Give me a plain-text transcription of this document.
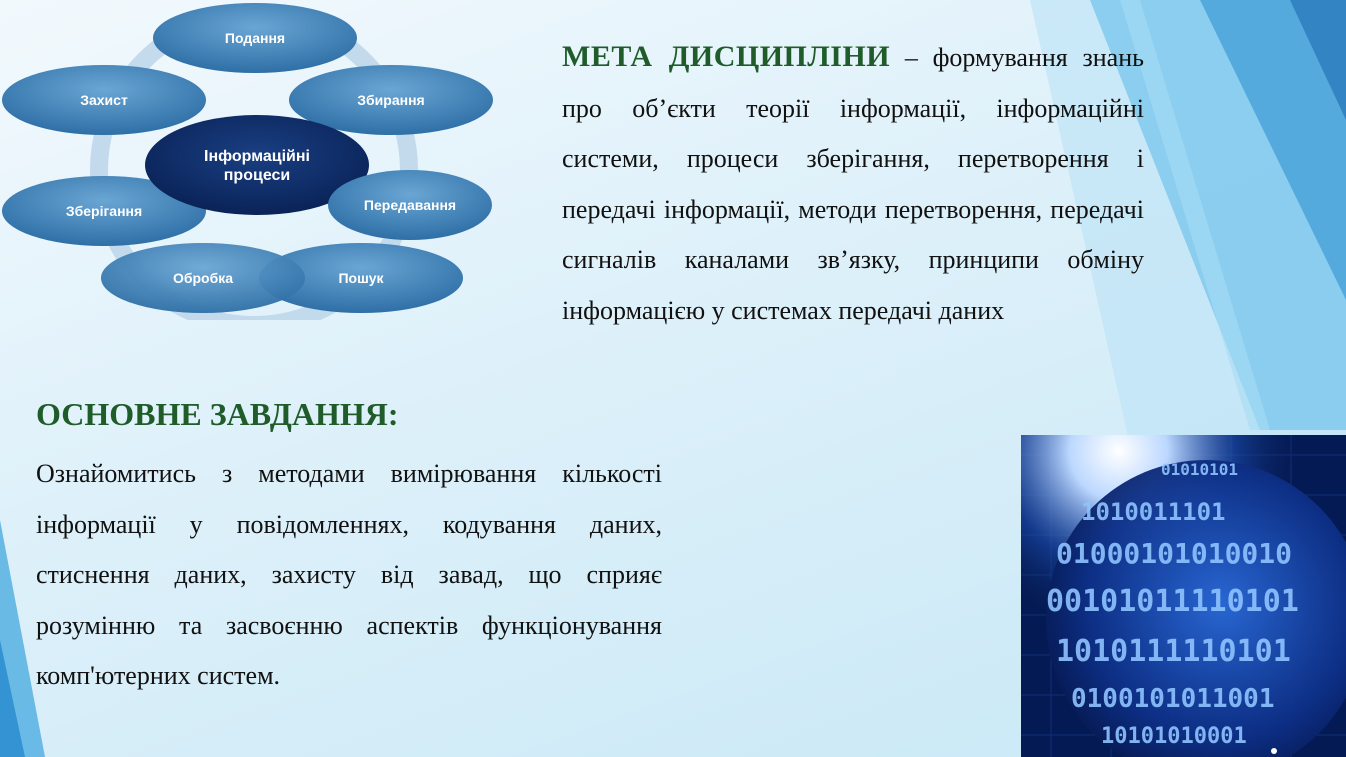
Подання
Збирання
Захист
Зберігання
Пошук
Обробка
Інформаційні
процеси
Передавання
МЕТА ДИСЦИПЛІНИ – формування знань про об’єкти теорії інформації, інформаційні системи, процеси зберігання, перетворення і передачі інформації, методи перетворення, передачі сигналів каналами зв’язку, принципи обміну інформацією у системах передачі даних
ОСНОВНЕ ЗАВДАННЯ:
Ознайомитись з методами вимірювання кількості інформації у повідомленнях, кодування даних, стиснення даних, захисту від завад, що сприяє розумінню та засвоєнню аспектів функціонування комп'ютерних систем.
01010101
1010011101
01000101010010
00101011110101
1010111110101
0100101011001
10101010001
